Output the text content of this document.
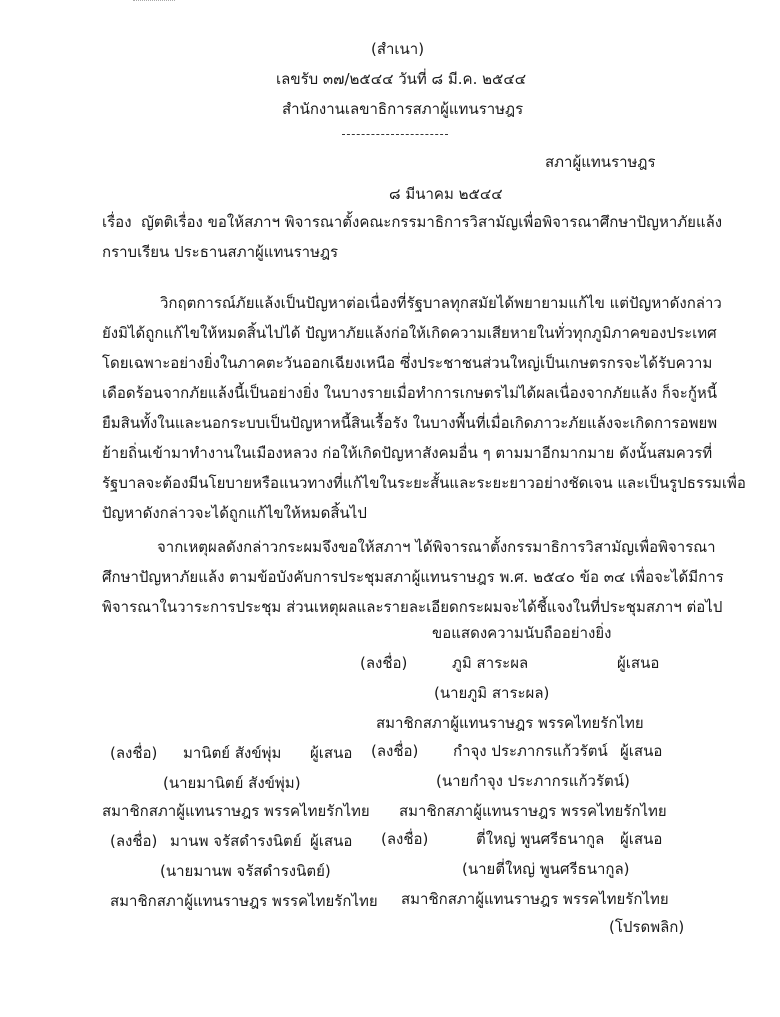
(สำเนา)
เลขรับ ๓๗/๒๕๔๔ วันที่ ๘ มี.ค. ๒๕๔๔
สำนักงานเลขาธิการสภาผู้แทนราษฎร
สภาผู้แทนราษฎร
๘ มีนาคม ๒๕๔๔
เรื่อง ญัตติเรื่อง ขอให้สภาฯ พิจารณาตั้งคณะกรรมาธิการวิสามัญเพื่อพิจารณาศึกษาปัญหาภัยแล้ง
กราบเรียน ประธานสภาผู้แทนราษฎร
วิกฤตการณ์ภัยแล้งเป็นปัญหาต่อเนื่องที่รัฐบาลทุกสมัยได้พยายามแก้ไข แต่ปัญหาดังกล่าว
ยังมิได้ถูกแก้ไขให้หมดสิ้นไปได้ ปัญหาภัยแล้งก่อให้เกิดความเสียหายในทั่วทุกภูมิภาคของประเทศ
โดยเฉพาะอย่างยิ่งในภาคตะวันออกเฉียงเหนือ ซึ่งประชาชนส่วนใหญ่เป็นเกษตรกรจะได้รับความ
เดือดร้อนจากภัยแล้งนี้เป็นอย่างยิ่ง ในบางรายเมื่อทำการเกษตรไม่ได้ผลเนื่องจากภัยแล้ง ก็จะกู้หนี้
ยืมสินทั้งในและนอกระบบเป็นปัญหาหนี้สินเรื้อรัง ในบางพื้นที่เมื่อเกิดภาวะภัยแล้งจะเกิดการอพยพ
ย้ายถิ่นเข้ามาทำงานในเมืองหลวง ก่อให้เกิดปัญหาสังคมอื่น ๆ ตามมาอีกมากมาย ดังนั้นสมควรที่
รัฐบาลจะต้องมีนโยบายหรือแนวทางที่แก้ไขในระยะสั้นและระยะยาวอย่างชัดเจน และเป็นรูปธรรมเพื่อ
ปัญหาดังกล่าวจะได้ถูกแก้ไขให้หมดสิ้นไป
จากเหตุผลดังกล่าวกระผมจึงขอให้สภาฯ ได้พิจารณาตั้งกรรมาธิการวิสามัญเพื่อพิจารณา
ศึกษาปัญหาภัยแล้ง ตามข้อบังคับการประชุมสภาผู้แทนราษฎร พ.ศ. ๒๕๔๐ ข้อ ๓๔ เพื่อจะได้มีการ
พิจารณาในวาระการประชุม ส่วนเหตุผลและรายละเอียดกระผมจะได้ชี้แจงในที่ประชุมสภาฯ ต่อไป
ขอแสดงความนับถืออย่างยิ่ง
(ลงชื่อ)	ภูมิ สาระผล	ผู้เสนอ
(นายภูมิ สาระผล)
สมาชิกสภาผู้แทนราษฎร พรรคไทยรักไทย
(ลงชื่อ) มานิตย์ สังข์พุ่ม ผู้เสนอ (ลงชื่อ) กำจุง ประภากรแก้วรัตน์ ผู้เสนอ
(นายมานิตย์ สังข์พุ่ม)	(นายกำจุง ประภากรแก้วรัตน์)
สมาชิกสภาผู้แทนราษฎร พรรคไทยรักไทย สมาชิกสภาผู้แทนราษฎร พรรคไทยรักไทย
(ลงชื่อ) มานพ จรัสดำรงนิตย์ ผู้เสนอ (ลงชื่อ)	ตี่ใหญ่ พูนศรีธนากูล ผู้เสนอ
(นายมานพ จรัสดำรงนิตย์)	(นายตี่ใหญ่ พูนศรีธนากูล)
สมาชิกสภาผู้แทนราษฎร พรรคไทยรักไทย สมาชิกสภาผู้แทนราษฎร พรรคไทยรักไทย
(โปรดพลิก)
